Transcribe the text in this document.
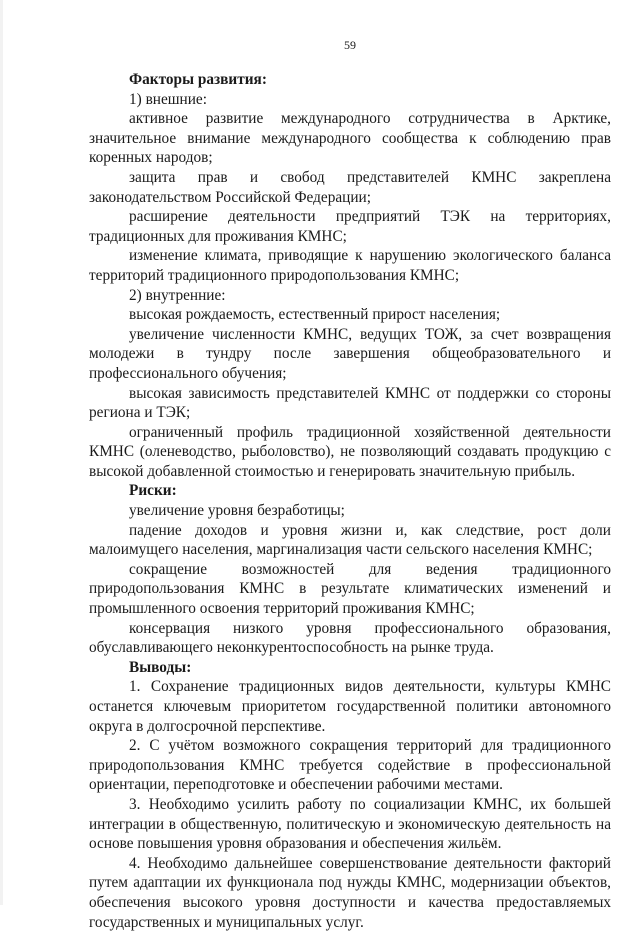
59

Факторы развития:

1) внешние:

активное развитие международного сотрудничества в Арктике, значительное внимание международного сообщества к соблюдению прав коренных народов;

защита прав и свобод представителей КМНС закреплена законодательством Российской Федерации;

расширение деятельности предприятий ТЭК на территориях, традиционных для проживания КМНС;

изменение климата, приводящие к нарушению экологического баланса территорий традиционного природопользования КМНС;

2) внутренние:

высокая рождаемость, естественный прирост населения;

увеличение численности КМНС, ведущих ТОЖ, за счет возвращения молодежи в тундру после завершения общеобразовательного и профессионального обучения;

высокая зависимость представителей КМНС от поддержки со стороны региона и ТЭК;

ограниченный профиль традиционной хозяйственной деятельности КМНС (оленеводство, рыболовство), не позволяющий создавать продукцию с высокой добавленной стоимостью и генерировать значительную прибыль.

Риски:

увеличение уровня безработицы;

падение доходов и уровня жизни и, как следствие, рост доли малоимущего населения, маргинализация части сельского населения КМНС;

сокращение возможностей для ведения традиционного природопользования КМНС в результате климатических изменений и промышленного освоения территорий проживания КМНС;

консервация низкого уровня профессионального образования, обуславливающего неконкурентоспособность на рынке труда.

Выводы:

1. Сохранение традиционных видов деятельности, культуры КМНС останется ключевым приоритетом государственной политики автономного округа в долгосрочной перспективе.

2. С учётом возможного сокращения территорий для традиционного природопользования КМНС требуется содействие в профессиональной ориентации, переподготовке и обеспечении рабочими местами.

3. Необходимо усилить работу по социализации КМНС, их большей интеграции в общественную, политическую и экономическую деятельность на основе повышения уровня образования и обеспечения жильём.

4. Необходимо дальнейшее совершенствование деятельности факторий путем адаптации их функционала под нужды КМНС, модернизации объектов, обеспечения высокого уровня доступности и качества предоставляемых государственных и муниципальных услуг.
